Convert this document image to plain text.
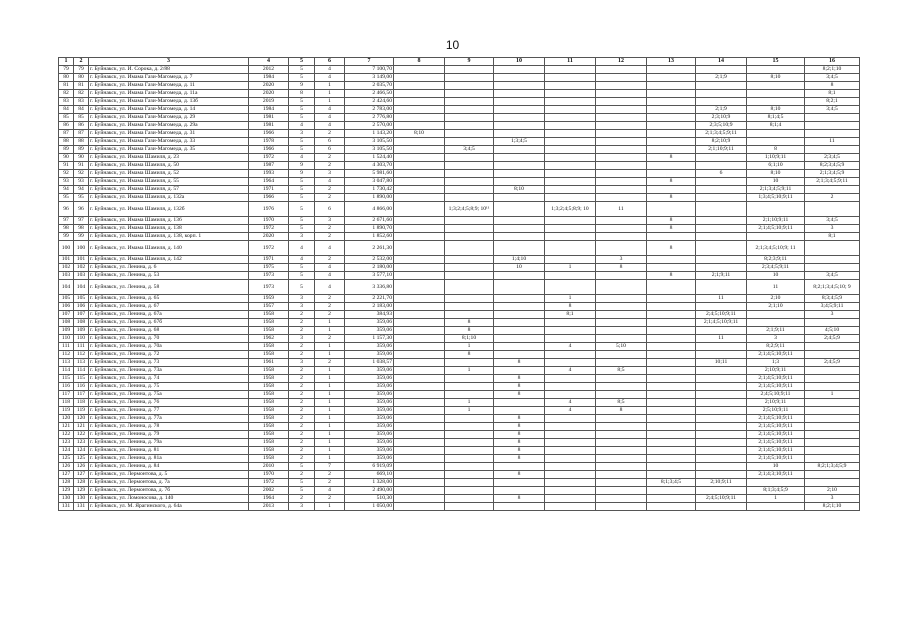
10
1	2	3	4	5	6	7	8	9	10	11	12	13	14	15	16
79	79	г. Буйнакск, ул. И. Сорока, д. 2/88	2012	5	4	7 100,70									8;2;1;10
80	80	г. Буйнакск, ул. Имама Гази-Магомеда, д. 7	1984	5	4	3 149,00							2;1;9	8;10	3;4;5
81	81	г. Буйнакск, ул. Имама Гази-Магомеда, д. 11	2020	9	1	2 035,70									8
82	82	г. Буйнакск, ул. Имама Гази-Магомеда, д. 11а	2020	8	1	2 466,50									8;1
83	83	г. Буйнакск, ул. Имама Гази-Магомеда, д. 13б	2019	5	1	2 424,60									8;2;1
84	84	г. Буйнакск, ул. Имама Гази-Магомеда, д. 14	1984	5	4	2 783,00							2;1;9	8;10	3;4;5
85	85	г. Буйнакск, ул. Имама Гази-Магомеда, д. 29	1981	5	4	2 776,80							2;3;10;9	8;1;4;5	
86	86	г. Буйнакск, ул. Имама Гази-Магомеда, д. 29а	1981	4	4	2 570,00							2;3;5;10;9	8;1;4	
87	87	г. Буйнакск, ул. Имама Гази-Магомеда, д. 31	1966	3	2	1 143,20	8;10						2;1;3;4;5;9;11		
88	88	г. Буйнакск, ул. Имама Гази-Магомеда, д. 33	1978	5	6	3 105,50			1;3;4;5				8;2;10;9		11
89	89	г. Буйнакск, ул. Имама Гази-Магомеда, д. 35	1966	5	6	3 105,50		3;4;5					2;1;10;9;11	8	
90	90	г. Буйнакск, ул. Имама Шамиля, д. 23	1972	4	2	1 524,40						8		1;10;9;11	2;3;4;5
91	91	г. Буйнакск, ул. Имама Шамиля, д. 50	1987	9	2	4 303,70								6;1;10	8;2;3;4;5;9
92	92	г. Буйнакск, ул. Имама Шамиля, д. 52	1993	9	3	5 981,60							6	8;10	2;1;3;4;5;9
93	93	г. Буйнакск, ул. Имама Шамиля, д. 55	1964	5	4	3 047,80						8		10	2;1;3;4;5;9;11
94	94	г. Буйнакск, ул. Имама Шамиля, д. 57	1971	5	2	1 730,42			8;10					2;1;3;4;5;9;11	
95	95	г. Буйнакск, ул. Имама Шамиля, д. 132а	1966	5	2	1 890,00						8		1;3;4;5;10;9;11	2
96	96	г. Буйнакск, ул. Имама Шамиля, д. 132б	1976	5	6	4 866,00		1;3;2;4;5;8;9; 10¹¹		1;3;2;4;5;8;9; 10	11				
97	97	г. Буйнакск, ул. Имама Шамиля, д. 136	1970	5	3	2 671,60						8		2;1;10;9;11	3;4;5
98	98	г. Буйнакск, ул. Имама Шамиля, д. 138	1972	5	2	1 890,70						8		2;1;4;5;10;9;11	3
99	99	г. Буйнакск, ул. Имама Шамиля, д. 138, корп. 1	2020	3	2	1 852,60									8;1
100	100	г. Буйнакск, ул. Имама Шамиля, д. 140	1972	4	4	2 261,30						8		2;1;3;4;5;10;9; 11	
101	101	г. Буйнакск, ул. Имама Шамиля, д. 142	1971	4	2	2 532,00			1;4;10		3			8;2;3;9;11	
102	102	г. Буйнакск, ул. Ленина, д. 6	1975	5	4	2 180,00			10	1	8			2;3;4;5;9;11	
103	103	г. Буйнакск, ул. Ленина, д. 53	1973	5	4	3 577,10						8	2;1;9;11	10	3;4;5
104	104	г. Буйнакск, ул. Ленина, д. 58	1973	5	4	3 336,80								11	8;2;1;3;4;5;10; 9
105	105	г. Буйнакск, ул. Ленина, д. 65	1959	3	2	2 221,70				1			11	2;10	8;3;4;5;9
106	106	г. Буйнакск, ул. Ленина, д. 67	1957	3	2	2 183,00				8				2;1;10	3;4;5;9;11
107	107	г. Буйнакск, ул. Ленина, д. 67а	1958	2	2	384,93				8;1			2;4;5;10;9;11		3
108	108	г. Буйнакск, ул. Ленина, д. 67б	1958	2	1	359,06		8					2;1;4;5;10;9;11		
109	109	г. Буйнакск, ул. Ленина, д. 68	1958	2	1	359,06		8						2;1;9;11	4;5;10
110	110	г. Буйнакск, ул. Ленина, д. 70	1962	3	2	1 157,30		8;1;10					11	3	2;4;5;9
111	111	г. Буйнакск, ул. Ленина, д. 70а	1958	2	1	359,06		1		4	5;10			8;2;9;11	
112	112	г. Буйнакск, ул. Ленина, д. 72	1958	2	1	359,06		8						2;1;4;5;10;9;11	
113	113	г. Буйнакск, ул. Ленина, д. 73	1961	3	2	1 038,57			8				10;11	1;3	2;4;5;9
114	114	г. Буйнакск, ул. Ленина, д. 73а	1958	2	1	359,06		1		4	8;5			2;10;9;11	
115	115	г. Буйнакск, ул. Ленина, д. 74	1958	2	1	359,06			8					2;1;4;5;10;9;11	
116	116	г. Буйнакск, ул. Ленина, д. 75	1958	2	1	359,06			8					2;1;4;5;10;9;11	
117	117	г. Буйнакск, ул. Ленина, д. 75а	1958	2	1	359,06			8					2;4;5;10;9;11	1
118	118	г. Буйнакск, ул. Ленина, д. 76	1958	2	1	359,06		1		4	8;5			2;10;9;11	
119	119	г. Буйнакск, ул. Ленина, д. 77	1958	2	1	359,06		1		4	8			2;5;10;9;11	
120	120	г. Буйнакск, ул. Ленина, д. 77а	1958	2	1	359,06			8					2;1;4;5;10;9;11	
121	121	г. Буйнакск, ул. Ленина, д. 78	1958	2	1	359,06			8					2;1;4;5;10;9;11	
122	122	г. Буйнакск, ул. Ленина, д. 79	1958	2	1	359,06			8					2;1;4;5;10;9;11	
123	123	г. Буйнакск, ул. Ленина, д. 79а	1958	2	1	359,06			8					2;1;4;5;10;9;11	
124	124	г. Буйнакск, ул. Ленина, д. 81	1958	2	1	359,06			8					2;1;4;5;10;9;11	
125	125	г. Буйнакск, ул. Ленина, д. 81а	1958	2	1	359,06			8					2;1;4;5;10;9;11	
126	126	г. Буйнакск, ул. Ленина, д. 84	2010	5	7	6 919,09								10	8;2;1;3;4;5;9
127	127	г. Буйнакск, ул. Лермонтова, д. 5	1970	2	2	669,10			8					2;1;4;3;10;9;11	
128	128	г. Буйнакск, ул. Лермонтова, д. 7а	1972	5	2	1 328,00						8;1;3;4;5	2;10;9;11		
129	129	г. Буйнакск, ул. Лермонтова, д. 7б	2002	5	4	2 490,00								8;1;3;4;5;9	2;10
130	130	г. Буйнакск, ул. Ломоносова, д. 140	1964	2	2	510,30			8				2;4;5;10;9;11	1	3
131	131	г. Буйнакск, ул. М. Ярагинского, д. 64а	2013	3	1	1 050,00									8;2;1;10
